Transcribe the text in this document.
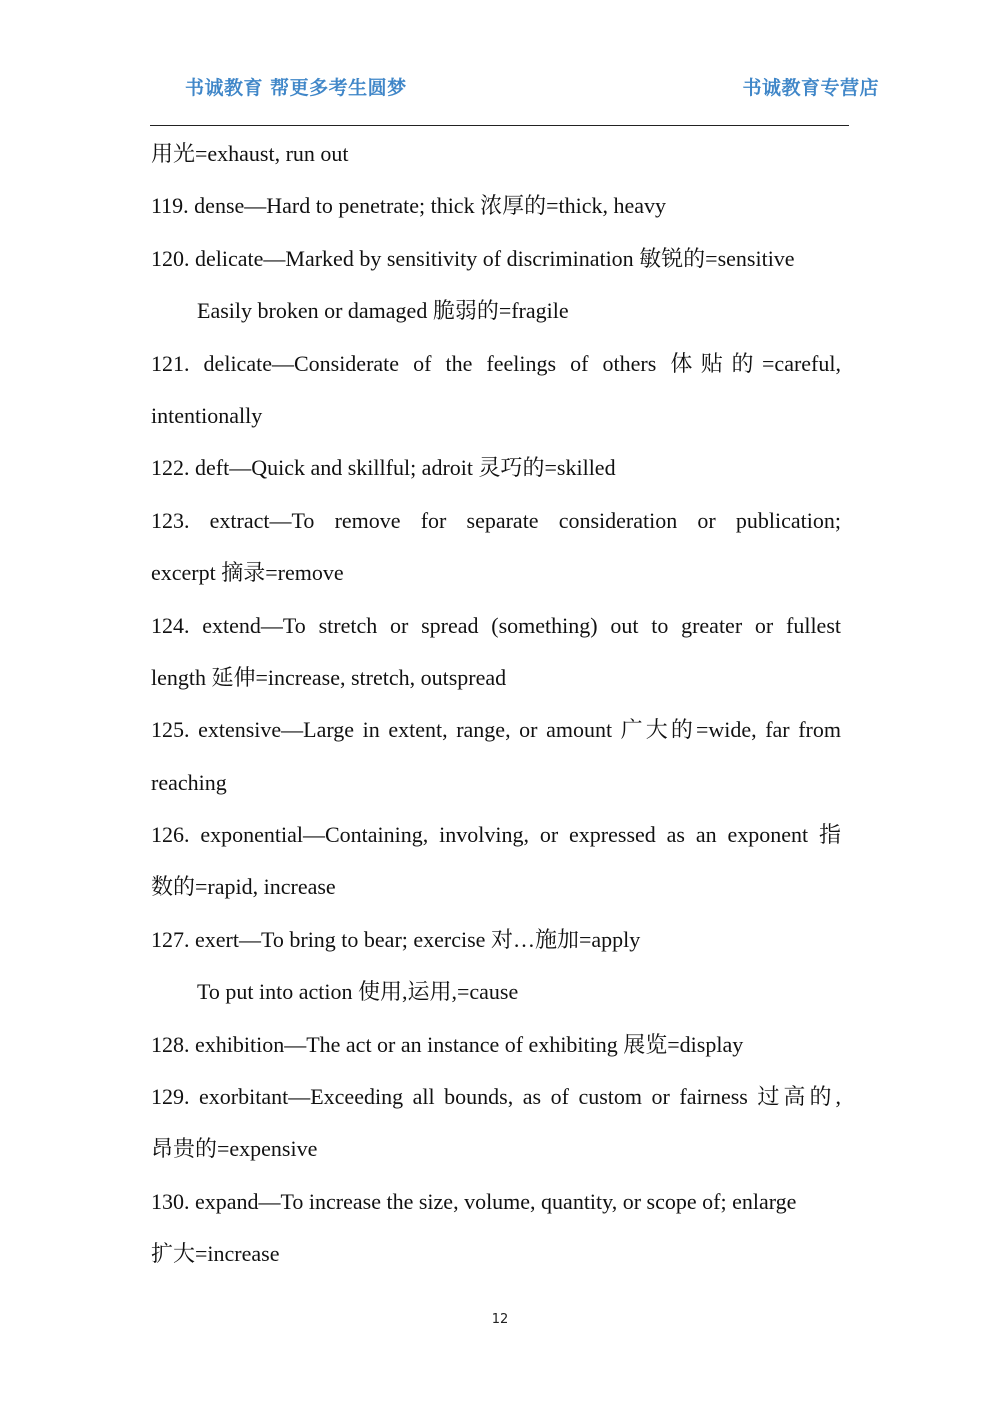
书诚教育 帮更多考生圆梦	书诚教育专营店
用光=exhaust, run out
119. dense—Hard to penetrate; thick 浓厚的=thick, heavy
120. delicate—Marked by sensitivity of discrimination 敏锐的=sensitive
Easily broken or damaged 脆弱的=fragile
121. delicate—Considerate of the feelings of others 体贴的=careful,
intentionally
122. deft—Quick and skillful; adroit 灵巧的=skilled
123. extract—To remove for separate consideration or publication;
excerpt 摘录=remove
124. extend—To stretch or spread (something) out to greater or fullest
length 延伸=increase, stretch, outspread
125. extensive—Large in extent, range, or amount 广大的=wide, far from
reaching
126. exponential—Containing, involving, or expressed as an exponent 指
数的=rapid, increase
127. exert—To bring to bear; exercise 对…施加=apply
To put into action 使用,运用,=cause
128. exhibition—The act or an instance of exhibiting 展览=display
129. exorbitant—Exceeding all bounds, as of custom or fairness 过高的,
昂贵的=expensive
130. expand—To increase the size, volume, quantity, or scope of; enlarge
扩大=increase
12
